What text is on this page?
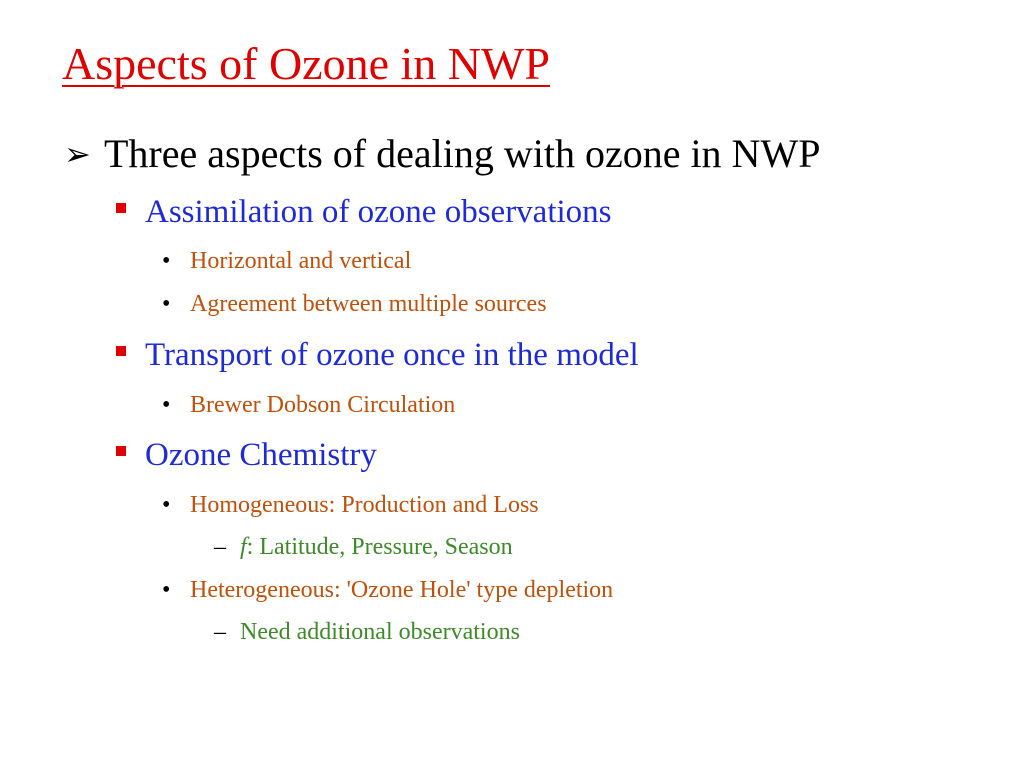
Aspects of Ozone in NWP
➢ Three aspects of dealing with ozone in NWP
Assimilation of ozone observations
• Horizontal and vertical
• Agreement between multiple sources
Transport of ozone once in the model
• Brewer Dobson Circulation
Ozone Chemistry
• Homogeneous: Production and Loss
– f: Latitude, Pressure, Season
• Heterogeneous: 'Ozone Hole' type depletion
– Need additional observations
